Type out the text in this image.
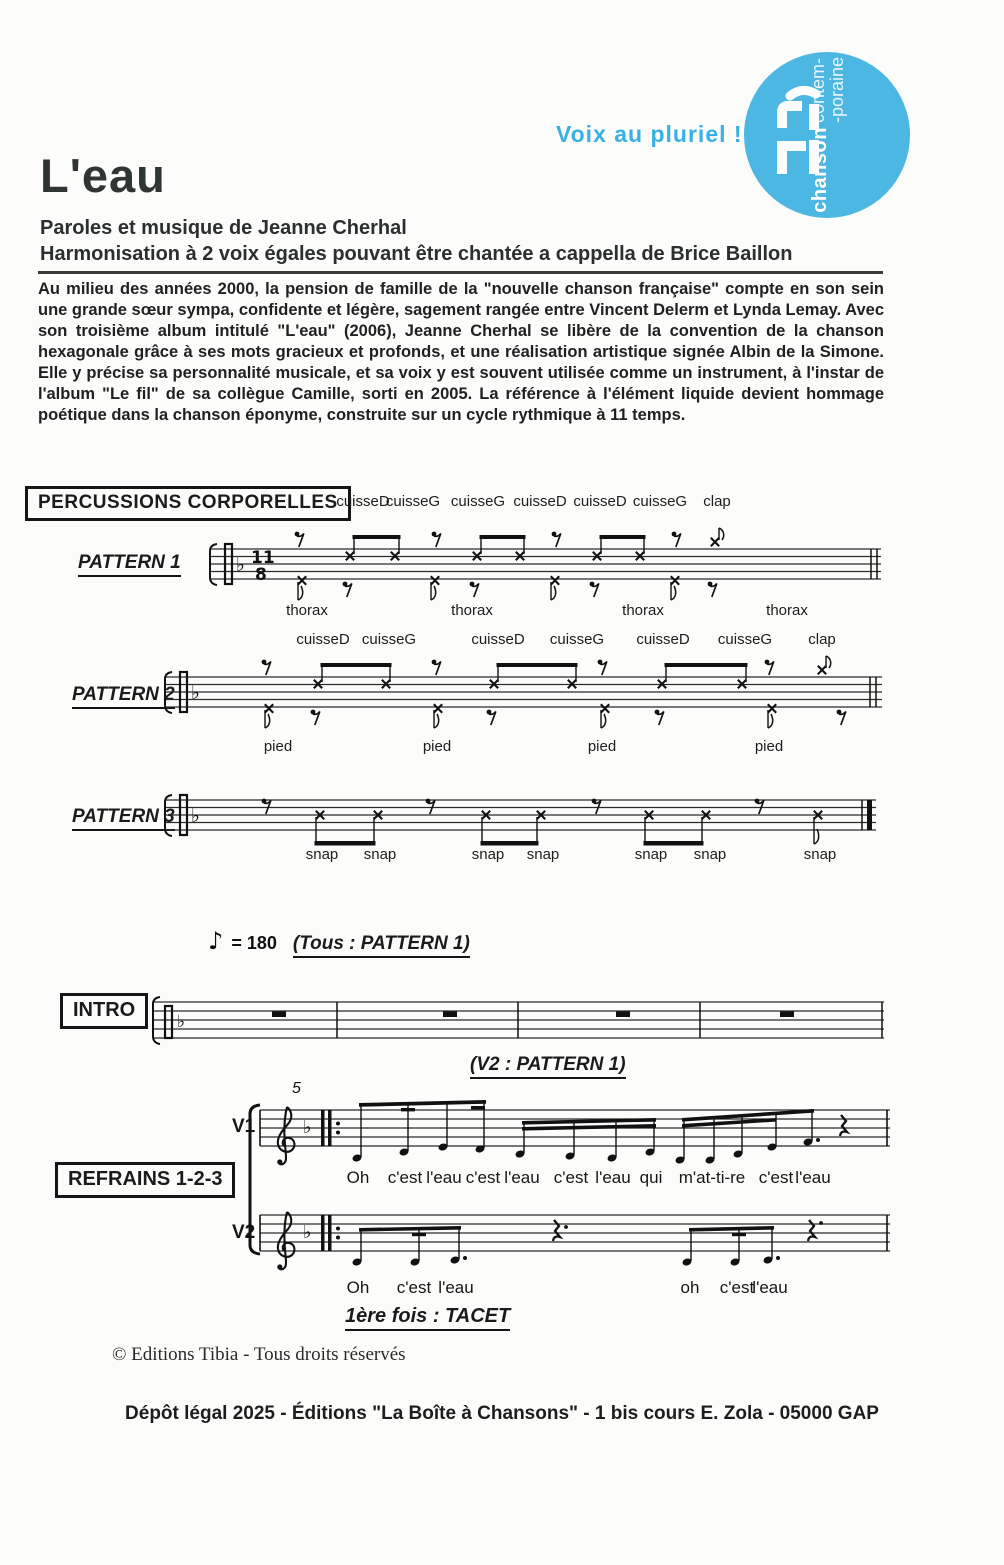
Voix au pluriel !	chanson
contem-
-poraine
L'eau
Paroles et musique de Jeanne Cherhal
Harmonisation à 2 voix égales pouvant être chantée a cappella de Brice Baillon
Au milieu des années 2000, la pension de famille de la "nouvelle chanson française" compte en son sein une grande sœur sympa, confidente et légère, sagement rangée entre Vincent Delerm et Lynda Lemay. Avec son troisième album intitulé "L'eau" (2006), Jeanne Cherhal se libère de la convention de la chanson hexagonale grâce à ses mots gracieux et profonds, et une réalisation artistique signée Albin de la Simone. Elle y précise sa personnalité musicale, et sa voix y est souvent utilisée comme un instrument, à l'instar de l'album "Le fil" de sa collègue Camille, sorti en 2005. La référence à l'élément liquide devient hommage poétique dans la chanson éponyme, construite sur un cycle rythmique à 11 temps.
PERCUSSIONS CORPORELLES
PATTERN 1
cuisseD
cuisseG cuisseG cuisseD cuisseD cuisseG clap
♭ 11
8
thorax	thorax	thorax	thorax
PATTERN 2
cuisseD cuisseG	cuisseD cuisseG cuisseD cuisseG clap
♭
pied	pied	pied	pied
PATTERN 3 ♭
snap snap	snap snap	snap snap	snap
♪ = 180 (Tous : PATTERN 1)
INTRO
♭
(V2 : PATTERN 1)
5
REFRAINS 1-2-3
V1
V2
♭
Oh c'est l'eau c'est l'eau c'est l'eau qui m'at-ti-re c'est l'eau
♭
Oh c'est l'eau	oh c'est
l'eau
1ère fois : TACET
© Editions Tibia - Tous droits réservés
Dépôt légal 2025 - Éditions "La Boîte à Chansons" - 1 bis cours E. Zola - 05000 GAP
